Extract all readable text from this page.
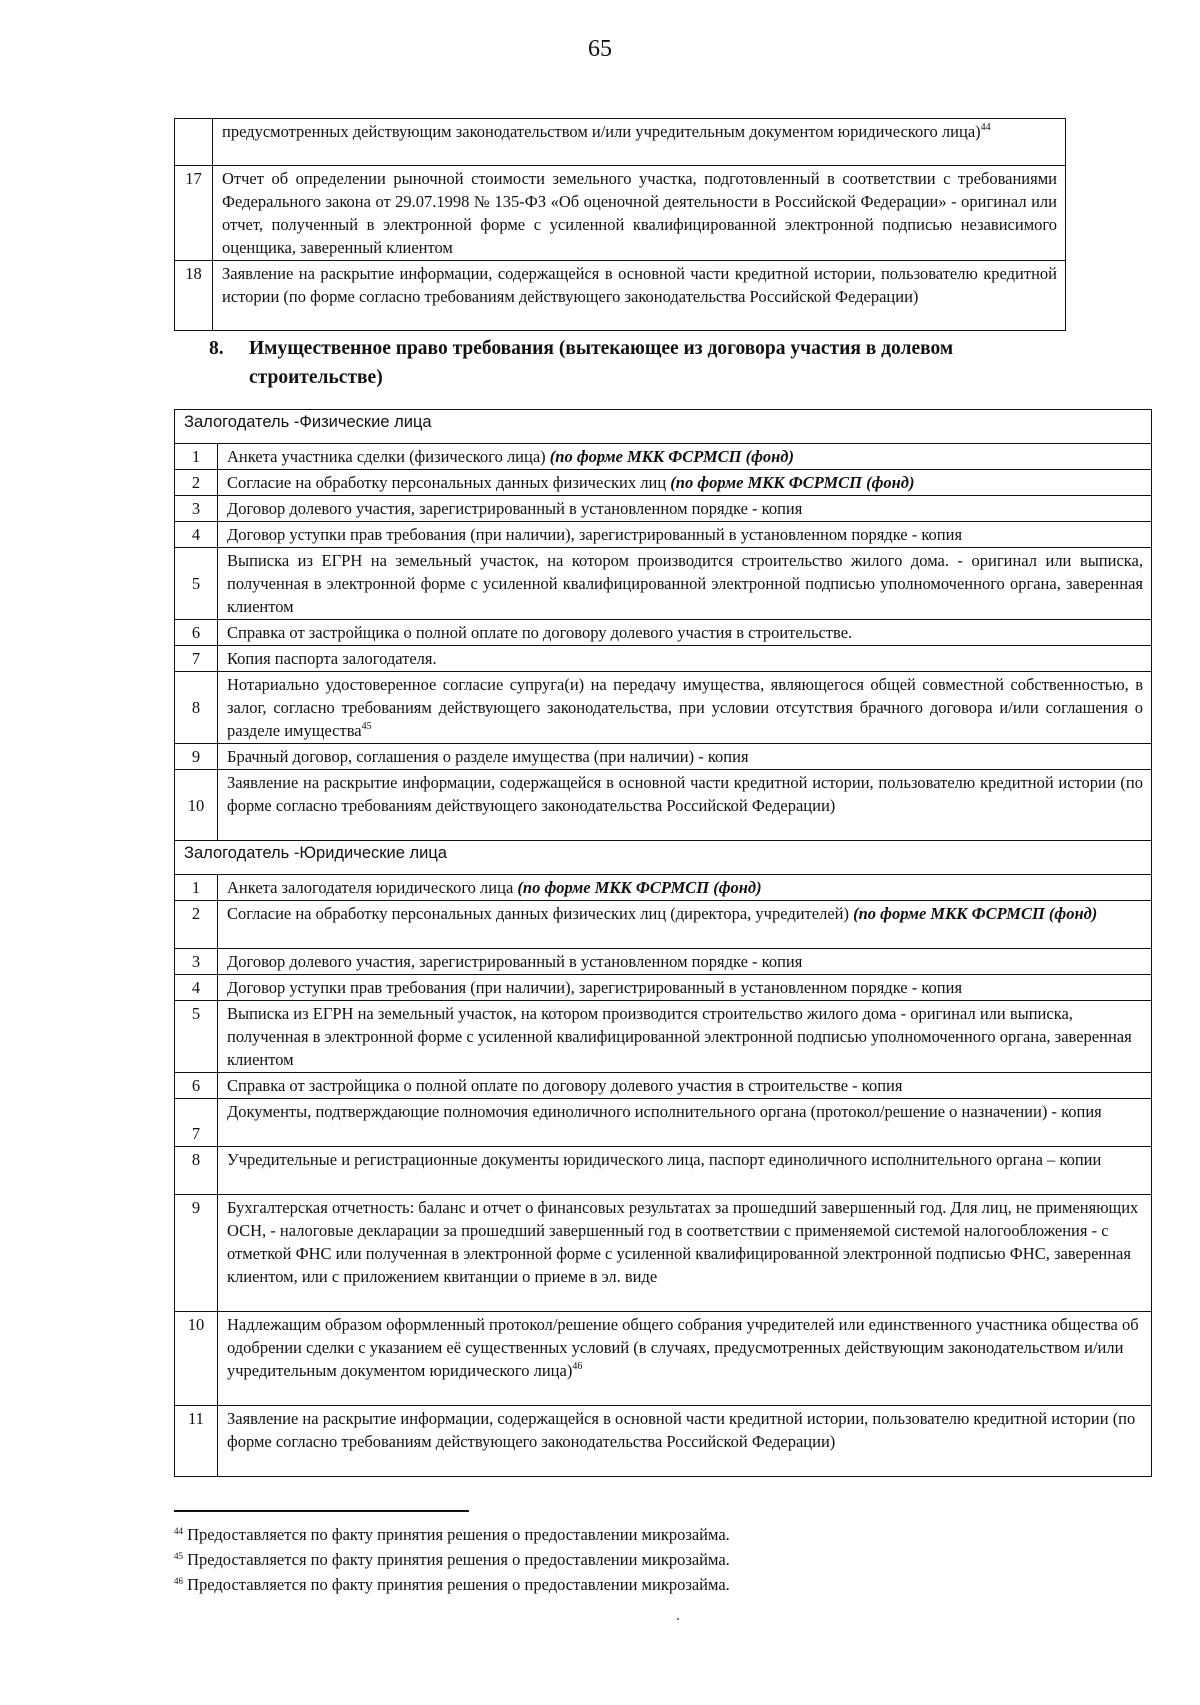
65
	предусмотренных действующим законодательством и/или учредительным документом юридического лица)$^{44}$
17	Отчет об определении рыночной стоимости земельного участка, подготовленный в соответствии с требованиями Федерального закона от 29.07.1998 № 135-ФЗ «Об оценочной деятельности в Российской Федерации» - оригинал или отчет, полученный в электронной форме с усиленной квалифицированной электронной подписью независимого оценщика, заверенный клиентом
18	Заявление на раскрытие информации, содержащейся в основной части кредитной истории, пользователю кредитной истории (по форме согласно требованиям действующего законодательства Российской Федерации)
8. Имущественное право требования (вытекающее из договора участия в долевом строительстве)
Залогодатель -Физические лица	
1	Анкета участника сделки (физического лица) (по форме МКК ФСРМСП (фонд)
2	Согласие на обработку персональных данных физических лиц (по форме МКК ФСРМСП (фонд)
3	Договор долевого участия, зарегистрированный в установленном порядке - копия
4	Договор уступки прав требования (при наличии), зарегистрированный в установленном порядке - копия
5	Выписка из ЕГРН на земельный участок, на котором производится строительство жилого дома. - оригинал или выписка, полученная в электронной форме с усиленной квалифицированной электронной подписью уполномоченного органа, заверенная клиентом
6	Справка от застройщика о полной оплате по договору долевого участия в строительстве.
7	Копия паспорта залогодателя.
8	Нотариально удостоверенное согласие супруга(и) на передачу имущества, являющегося общей совместной собственностью, в залог, согласно требованиям действующего законодательства, при условии отсутствия брачного договора и/или соглашения о разделе имущества$^{45}$
9	Брачный договор, соглашения о разделе имущества (при наличии) - копия
10	Заявление на раскрытие информации, содержащейся в основной части кредитной истории, пользователю кредитной истории (по форме согласно требованиям действующего законодательства Российской Федерации)
Залогодатель -Юридические лица	
1	Анкета залогодателя юридического лица (по форме МКК ФСРМСП (фонд)
2	Согласие на обработку персональных данных физических лиц (директора, учредителей) (по форме МКК ФСРМСП (фонд)
3	Договор долевого участия, зарегистрированный в установленном порядке - копия
4	Договор уступки прав требования (при наличии), зарегистрированный в установленном порядке - копия
5	Выписка из ЕГРН на земельный участок, на котором производится строительство жилого дома - оригинал или выписка, полученная в электронной форме с усиленной квалифицированной электронной подписью уполномоченного органа, заверенная клиентом
6	Справка от застройщика о полной оплате по договору долевого участия в строительстве - копия
7	Документы, подтверждающие полномочия единоличного исполнительного органа (протокол/решение о назначении) - копия
8	Учредительные и регистрационные документы юридического лица, паспорт единоличного исполнительного органа – копии
9	Бухгалтерская отчетность: баланс и отчет о финансовых результатах за прошедший завершенный год. Для лиц, не применяющих ОСН, - налоговые декларации за прошедший завершенный год в соответствии с применяемой системой налогообложения - с отметкой ФНС или полученная в электронной форме с усиленной квалифицированной электронной подписью ФНС, заверенная клиентом, или с приложением квитанции о приеме в эл. виде
10	Надлежащим образом оформленный протокол/решение общего собрания учредителей или единственного участника общества об одобрении сделки с указанием её существенных условий (в случаях, предусмотренных действующим законодательством и/или учредительным документом юридического лица)$^{46}$
11	Заявление на раскрытие информации, содержащейся в основной части кредитной истории, пользователю кредитной истории (по форме согласно требованиям действующего законодательства Российской Федерации)
$^{44}$ Предоставляется по факту принятия решения о предоставлении микрозайма.
$^{45}$ Предоставляется по факту принятия решения о предоставлении микрозайма.
$^{46}$ Предоставляется по факту принятия решения о предоставлении микрозайма.
